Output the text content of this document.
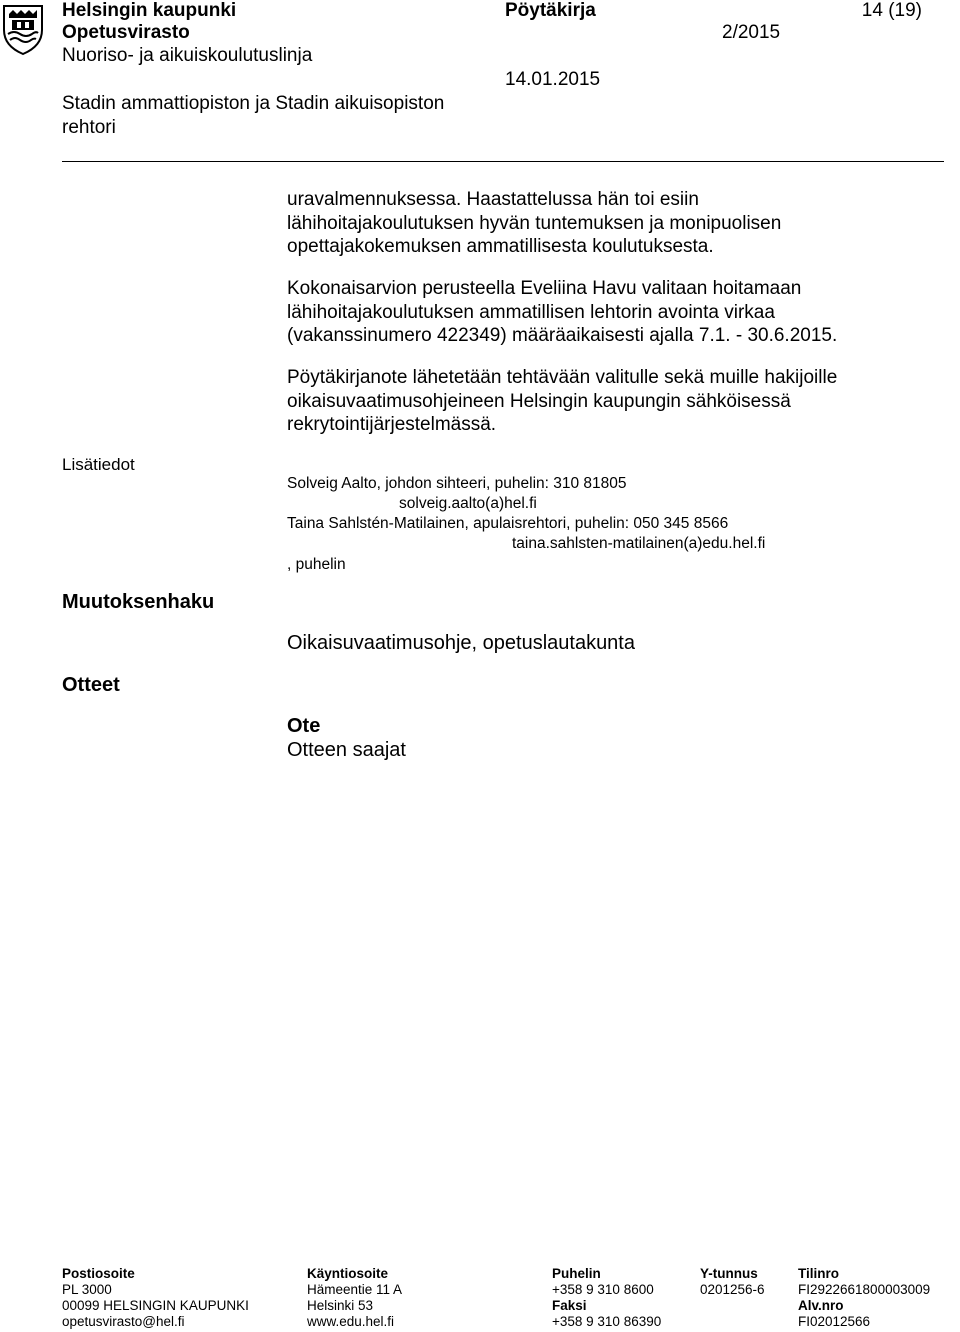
Helsingin kaupunki
Opetusvirasto
Nuoriso- ja aikuiskoulutuslinja
Stadin ammattiopiston ja Stadin aikuisopiston
rehtori
Pöytäkirja
2/2015
14.01.2015
14 (19)
uravalmennuksessa. Haastattelussa hän toi esiin
lähihoitajakoulutuksen hyvän tuntemuksen ja monipuolisen
opettajakokemuksen ammatillisesta koulutuksesta.
Kokonaisarvion perusteella Eveliina Havu valitaan hoitamaan
lähihoitajakoulutuksen ammatillisen lehtorin avointa virkaa
(vakanssinumero 422349) määräaikaisesti ajalla 7.1. - 30.6.2015.
Pöytäkirjanote lähetetään tehtävään valitulle sekä muille hakijoille
oikaisuvaatimusohjeineen Helsingin kaupungin sähköisessä
rekrytointijärjestelmässä.
Lisätiedot
Solveig Aalto, johdon sihteeri, puhelin: 310 81805
solveig.aalto(a)hel.fi
Taina Sahlstén-Matilainen, apulaisrehtori, puhelin: 050 345 8566
taina.sahlsten-matilainen(a)edu.hel.fi
, puhelin
Muutoksenhaku
Oikaisuvaatimusohje, opetuslautakunta
Otteet
Ote
Otteen saajat
Postiosoite
PL 3000
00099 HELSINGIN KAUPUNKI
opetusvirasto@hel.fi
Käyntiosoite
Hämeentie 11 A
Helsinki 53
www.edu.hel.fi
Puhelin
+358 9 310 8600
Faksi
+358 9 310 86390
Y-tunnus
0201256-6
Tilinro
FI2922661800003009
Alv.nro
FI02012566
